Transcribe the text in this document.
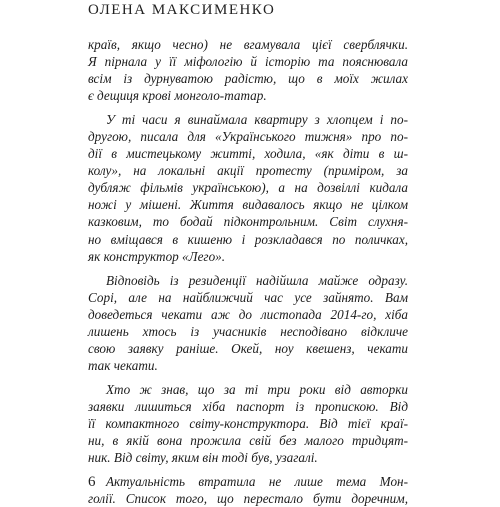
ОЛЕНА МАКСИМЕНКО

країв, якщо чесно) не вгамувала цієї сверблячки.
Я пірнала у її міфологію й історію та пояснювала
всім із дурнуватою радістю, що в моїх жилах
є дещиця крові монголо-татар.

У ті часи я винаймала квартиру з хлопцем і по-
другою, писала для «Українського тижня» про по-
дії в мистецькому житті, ходила, «як діти в ш-
колу», на локальні акції протесту (приміром, за
дубляж фільмів українською), а на дозвіллі кидала
ножі у мішені. Життя видавалось якщо не цілком
казковим, то бодай підконтрольним. Світ слухня-
но вміщався в кишеню і розкладався по поличках,
як конструктор «Лего».

Відповідь із резиденції надійшла майже одразу.
Сорі, але на найближчий час усе зайнято. Вам
доведеться чекати аж до листопада 2014-го, хіба
лишень хтось із учасників несподівано відкличе
свою заявку раніше. Окей, ноу квешенз, чекати
так чекати.

Хто ж знав, що за ті три роки від авторки
заявки лишиться хіба паспорт із пропискою. Від
її компактного світу-конструктора. Від тієї краї-
ни, в якій вона прожила свій без малого тридцят-
ник. Від світу, яким він тоді був, узагалі.

Актуальність втратила не лише тема Мон-
голії. Список того, що перестало бути доречним,

6
